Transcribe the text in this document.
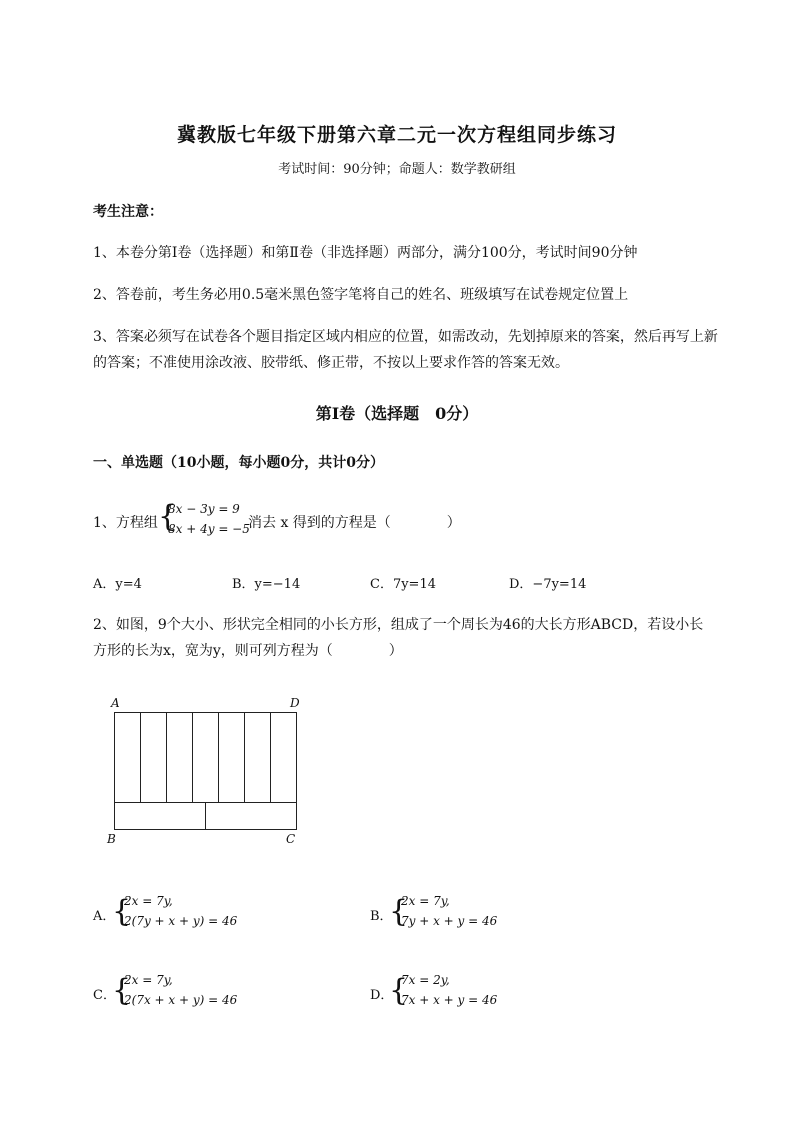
冀教版七年级下册第六章二元一次方程组同步练习
考试时间：90分钟；命题人：数学教研组
考生注意：
1、本卷分第Ⅰ卷（选择题）和第Ⅱ卷（非选择题）两部分，满分100分，考试时间90分钟
2、答卷前，考生务必用0.5毫米黑色签字笔将自己的姓名、班级填写在试卷规定位置上
3、答案必须写在试卷各个题目指定区域内相应的位置，如需改动，先划掉原来的答案，然后再写上新
的答案；不准使用涂改液、胶带纸、修正带，不按以上要求作答的答案无效。
第Ⅰ卷（选择题　0分）
一、单选题（10小题，每小题0分，共计0分）
1、方程组 {
8x − 3y = 9
8x + 4y = −5
消去 x 得到的方程是（　　　　）
A．y=4	B．y=−14	C．7y=14	D．−7y=14
2、如图，9个大小、形状完全相同的小长方形，组成了一个周长为46的大长方形ABCD，若设小长
方形的长为x，宽为y，则可列方程为（　　　　）
A	D
B	C
A．
{
2x = 7y,
2(7y + x + y) = 46	B．
{
2x = 7y,
7y + x + y = 46
C．
{
2x = 7y,
2(7x + x + y) = 46	D．
{
7x = 2y,
7x + x + y = 46
